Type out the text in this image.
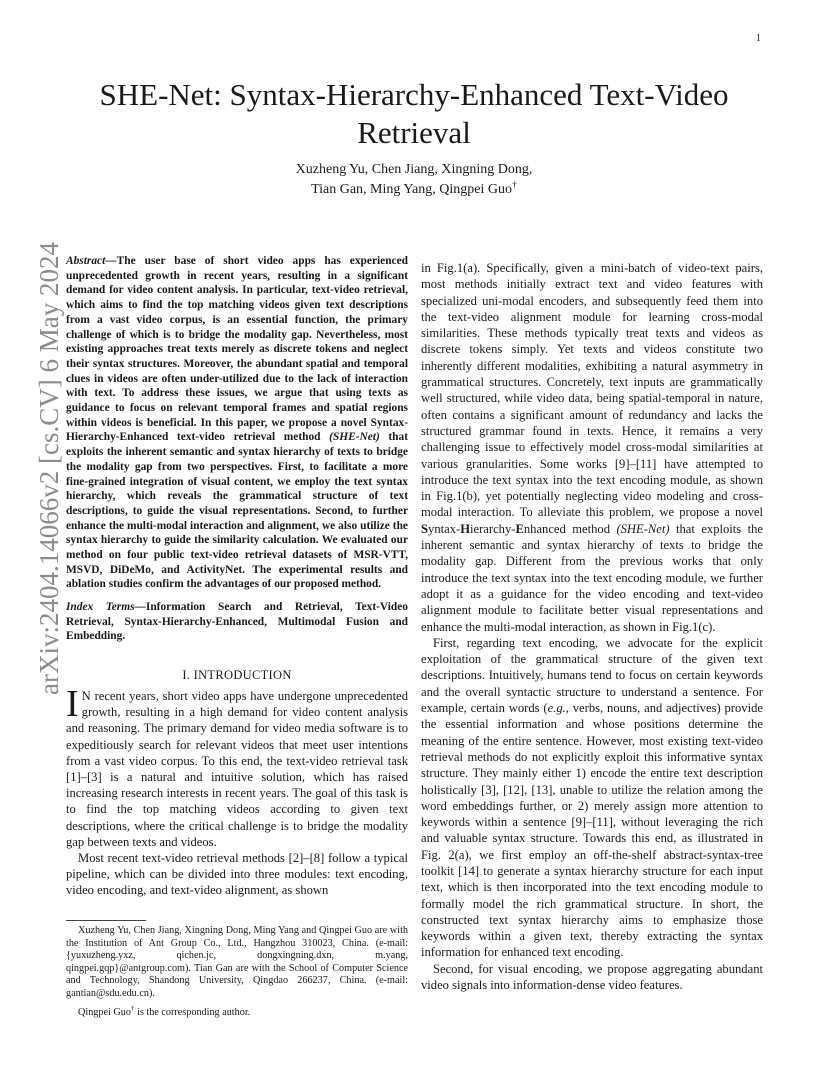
1
arXiv:2404.14066v2 [cs.CV] 6 May 2024
SHE-Net: Syntax-Hierarchy-Enhanced Text-Video Retrieval
Xuzheng Yu, Chen Jiang, Xingning Dong,
Tian Gan, Ming Yang, Qingpei Guo†
Abstract—The user base of short video apps has experienced unprecedented growth in recent years, resulting in a significant demand for video content analysis. In particular, text-video retrieval, which aims to find the top matching videos given text descriptions from a vast video corpus, is an essential function, the primary challenge of which is to bridge the modality gap. Nevertheless, most existing approaches treat texts merely as discrete tokens and neglect their syntax structures. Moreover, the abundant spatial and temporal clues in videos are often under-utilized due to the lack of interaction with text. To address these issues, we argue that using texts as guidance to focus on relevant temporal frames and spatial regions within videos is beneficial. In this paper, we propose a novel Syntax-Hierarchy-Enhanced text-video retrieval method (SHE-Net) that exploits the inherent semantic and syntax hierarchy of texts to bridge the modality gap from two perspectives. First, to facilitate a more fine-grained integration of visual content, we employ the text syntax hierarchy, which reveals the grammatical structure of text descriptions, to guide the visual representations. Second, to further enhance the multi-modal interaction and alignment, we also utilize the syntax hierarchy to guide the similarity calculation. We evaluated our method on four public text-video retrieval datasets of MSR-VTT, MSVD, DiDeMo, and ActivityNet. The experimental results and ablation studies confirm the advantages of our proposed method.
Index Terms—Information Search and Retrieval, Text-Video Retrieval, Syntax-Hierarchy-Enhanced, Multimodal Fusion and Embedding.
I. INTRODUCTION

I N recent years, short video apps have undergone unprecedented growth, resulting in a high demand for video content analysis and reasoning. The primary demand for video media software is to expeditiously search for relevant videos that meet user intentions from a vast video corpus. To this end, the text-video retrieval task [1]–[3] is a natural and intuitive solution, which has raised increasing research interests in recent years. The goal of this task is to find the top matching videos according to given text descriptions, where the critical challenge is to bridge the modality gap between texts and videos.

Most recent text-video retrieval methods [2]–[8] follow a typical pipeline, which can be divided into three modules: text encoding, video encoding, and text-video alignment, as shown

Xuzheng Yu, Chen Jiang, Xingning Dong, Ming Yang and Qingpei Guo are with the Institution of Ant Group Co., Ltd., Hangzhou 310023, China. (e-mail: {yuxuzheng.yxz, qichen.jc, dongxingning.dxn, m.yang, qingpei.gqp}@antgroup.com). Tian Gan are with the School of Computer Science and Technology, Shandong University, Qingdao 266237, China. (e-mail: gantian@sdu.edu.cn).

Qingpei Guo† is the corresponding author.

in Fig.1(a). Specifically, given a mini-batch of video-text pairs, most methods initially extract text and video features with specialized uni-modal encoders, and subsequently feed them into the text-video alignment module for learning cross-modal similarities. These methods typically treat texts and videos as discrete tokens simply. Yet texts and videos constitute two inherently different modalities, exhibiting a natural asymmetry in grammatical structures. Concretely, text inputs are grammatically well structured, while video data, being spatial-temporal in nature, often contains a significant amount of redundancy and lacks the structured grammar found in texts. Hence, it remains a very challenging issue to effectively model cross-modal similarities at various granularities. Some works [9]–[11] have attempted to introduce the text syntax into the text encoding module, as shown in Fig.1(b), yet potentially neglecting video modeling and cross-modal interaction. To alleviate this problem, we propose a novel Syntax-Hierarchy-Enhanced method (SHE-Net) that exploits the inherent semantic and syntax hierarchy of texts to bridge the modality gap. Different from the previous works that only introduce the text syntax into the text encoding module, we further adopt it as a guidance for the video encoding and text-video alignment module to facilitate better visual representations and enhance the multi-modal interaction, as shown in Fig.1(c).

First, regarding text encoding, we advocate for the explicit exploitation of the grammatical structure of the given text descriptions. Intuitively, humans tend to focus on certain keywords and the overall syntactic structure to understand a sentence. For example, certain words (e.g., verbs, nouns, and adjectives) provide the essential information and whose positions determine the meaning of the entire sentence. However, most existing text-video retrieval methods do not explicitly exploit this informative syntax structure. They mainly either 1) encode the entire text description holistically [3], [12], [13], unable to utilize the relation among the word embeddings further, or 2) merely assign more attention to keywords within a sentence [9]–[11], without leveraging the rich and valuable syntax structure. Towards this end, as illustrated in Fig. 2(a), we first employ an off-the-shelf abstract-syntax-tree toolkit [14] to generate a syntax hierarchy structure for each input text, which is then incorporated into the text encoding module to formally model the rich grammatical structure. In short, the constructed text syntax hierarchy aims to emphasize those keywords within a given text, thereby extracting the syntax information for enhanced text encoding.

Second, for visual encoding, we propose aggregating abundant video signals into information-dense video features.
